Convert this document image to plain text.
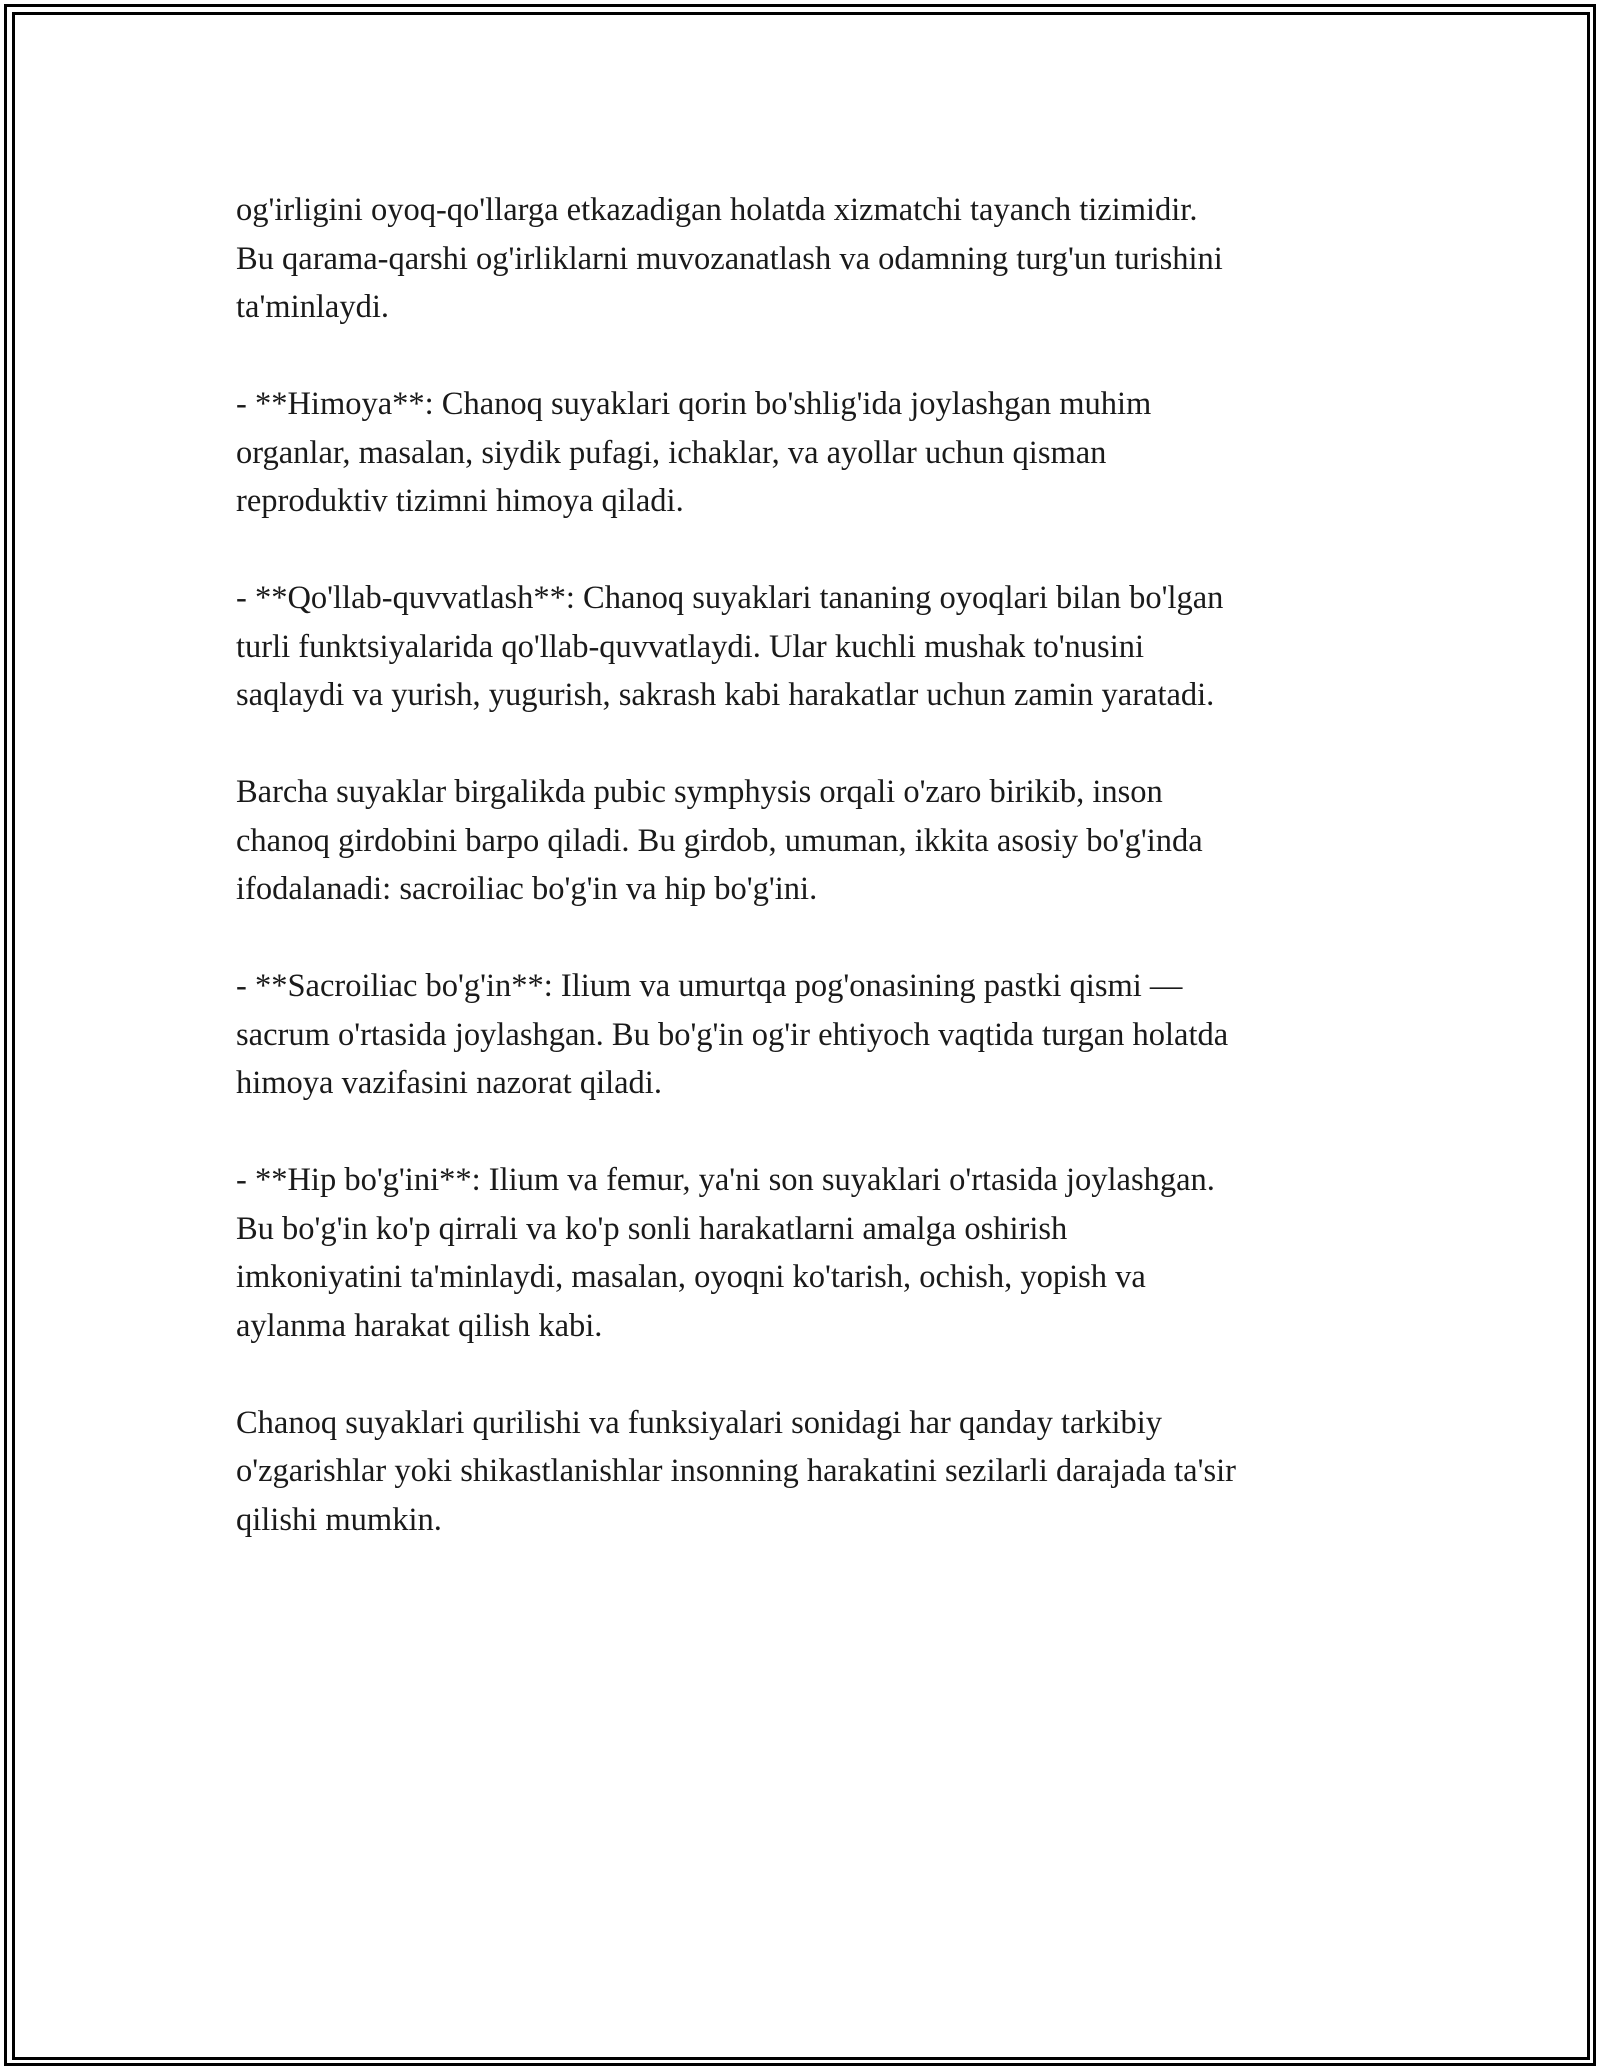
og'irligini oyoq-qo'llarga etkazadigan holatda xizmatchi tayanch tizimidir.
Bu qarama-qarshi og'irliklarni muvozanatlash va odamning turg'un turishini
ta'minlaydi.

- **Himoya**: Chanoq suyaklari qorin bo'shlig'ida joylashgan muhim
organlar, masalan, siydik pufagi, ichaklar, va ayollar uchun qisman
reproduktiv tizimni himoya qiladi.

- **Qo'llab-quvvatlash**: Chanoq suyaklari tananing oyoqlari bilan bo'lgan
turli funktsiyalarida qo'llab-quvvatlaydi. Ular kuchli mushak to'nusini
saqlaydi va yurish, yugurish, sakrash kabi harakatlar uchun zamin yaratadi.

Barcha suyaklar birgalikda pubic symphysis orqali o'zaro birikib, inson
chanoq girdobini barpo qiladi. Bu girdob, umuman, ikkita asosiy bo'g'inda
ifodalanadi: sacroiliac bo'g'in va hip bo'g'ini.

- **Sacroiliac bo'g'in**: Ilium va umurtqa pog'onasining pastki qismi —
sacrum o'rtasida joylashgan. Bu bo'g'in og'ir ehtiyoch vaqtida turgan holatda
himoya vazifasini nazorat qiladi.

- **Hip bo'g'ini**: Ilium va femur, ya'ni son suyaklari o'rtasida joylashgan.
Bu bo'g'in ko'p qirrali va ko'p sonli harakatlarni amalga oshirish
imkoniyatini ta'minlaydi, masalan, oyoqni ko'tarish, ochish, yopish va
aylanma harakat qilish kabi.

Chanoq suyaklari qurilishi va funksiyalari sonidagi har qanday tarkibiy
o'zgarishlar yoki shikastlanishlar insonning harakatini sezilarli darajada ta'sir
qilishi mumkin.
